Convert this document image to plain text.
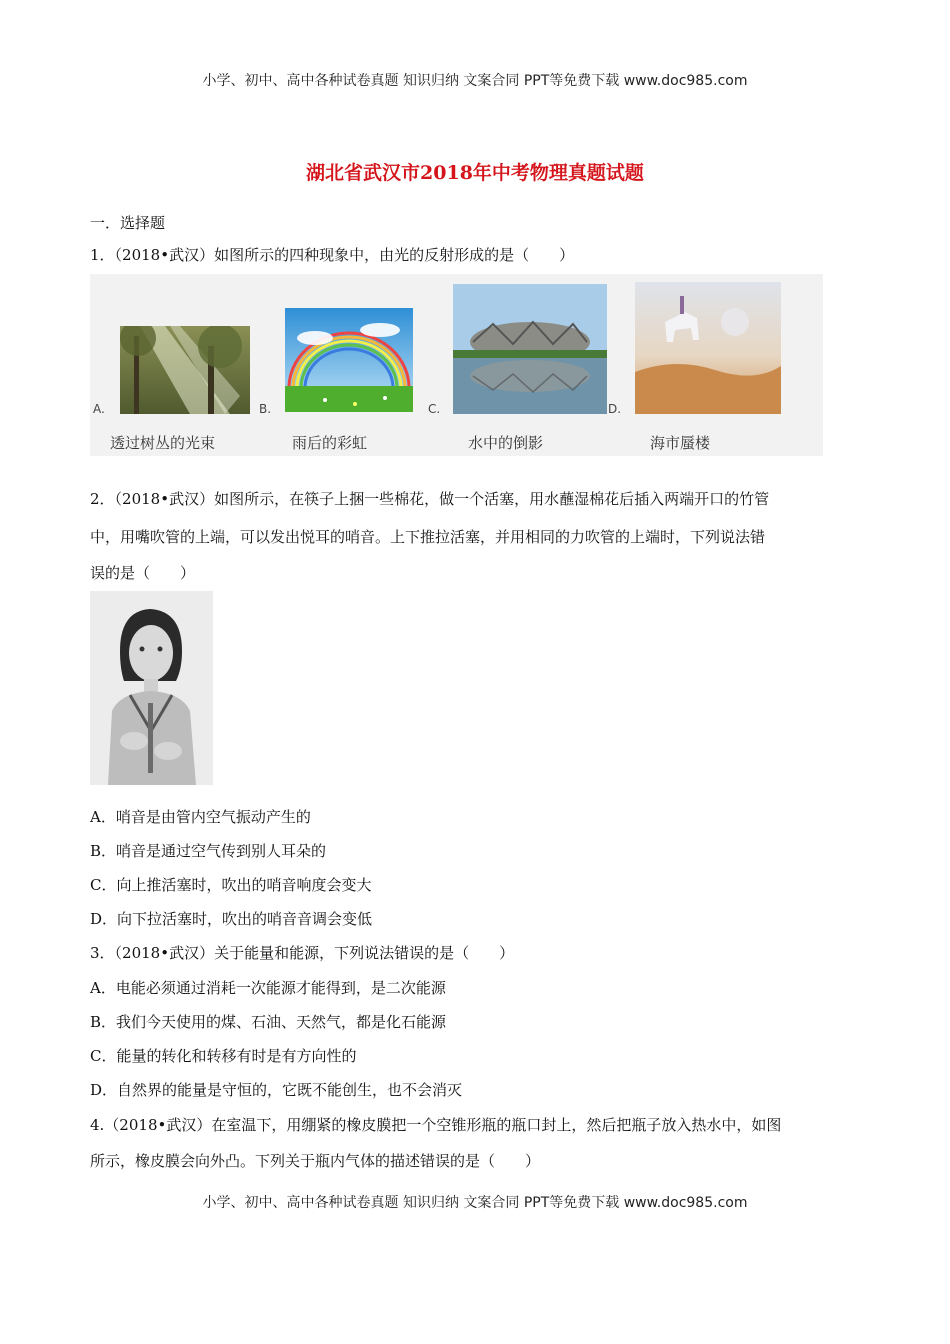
小学、初中、高中各种试卷真题 知识归纳 文案合同 PPT等免费下载 www.doc985.com
湖北省武汉市2018年中考物理真题试题
一．选择题
1．（2018•武汉）如图所示的四种现象中，由光的反射形成的是（　　）
A.	B.	C.	D.
透过树丛的光束	雨后的彩虹	水中的倒影	海市蜃楼
2．（2018•武汉）如图所示，在筷子上捆一些棉花，做一个活塞，用水蘸湿棉花后插入两端开口的竹管
中，用嘴吹管的上端，可以发出悦耳的哨音。上下推拉活塞，并用相同的力吹管的上端时，下列说法错
误的是（　　）
A．哨音是由管内空气振动产生的
B．哨音是通过空气传到别人耳朵的
C．向上推活塞时，吹出的哨音响度会变大
D．向下拉活塞时，吹出的哨音音调会变低
3．（2018•武汉）关于能量和能源，下列说法错误的是（　　）
A．电能必须通过消耗一次能源才能得到，是二次能源
B．我们今天使用的煤、石油、天然气，都是化石能源
C．能量的转化和转移有时是有方向性的
D．自然界的能量是守恒的，它既不能创生，也不会消灭
4.（2018•武汉）在室温下，用绷紧的橡皮膜把一个空锥形瓶的瓶口封上，然后把瓶子放入热水中，如图
所示，橡皮膜会向外凸。下列关于瓶内气体的描述错误的是（　　）
小学、初中、高中各种试卷真题 知识归纳 文案合同 PPT等免费下载 www.doc985.com
